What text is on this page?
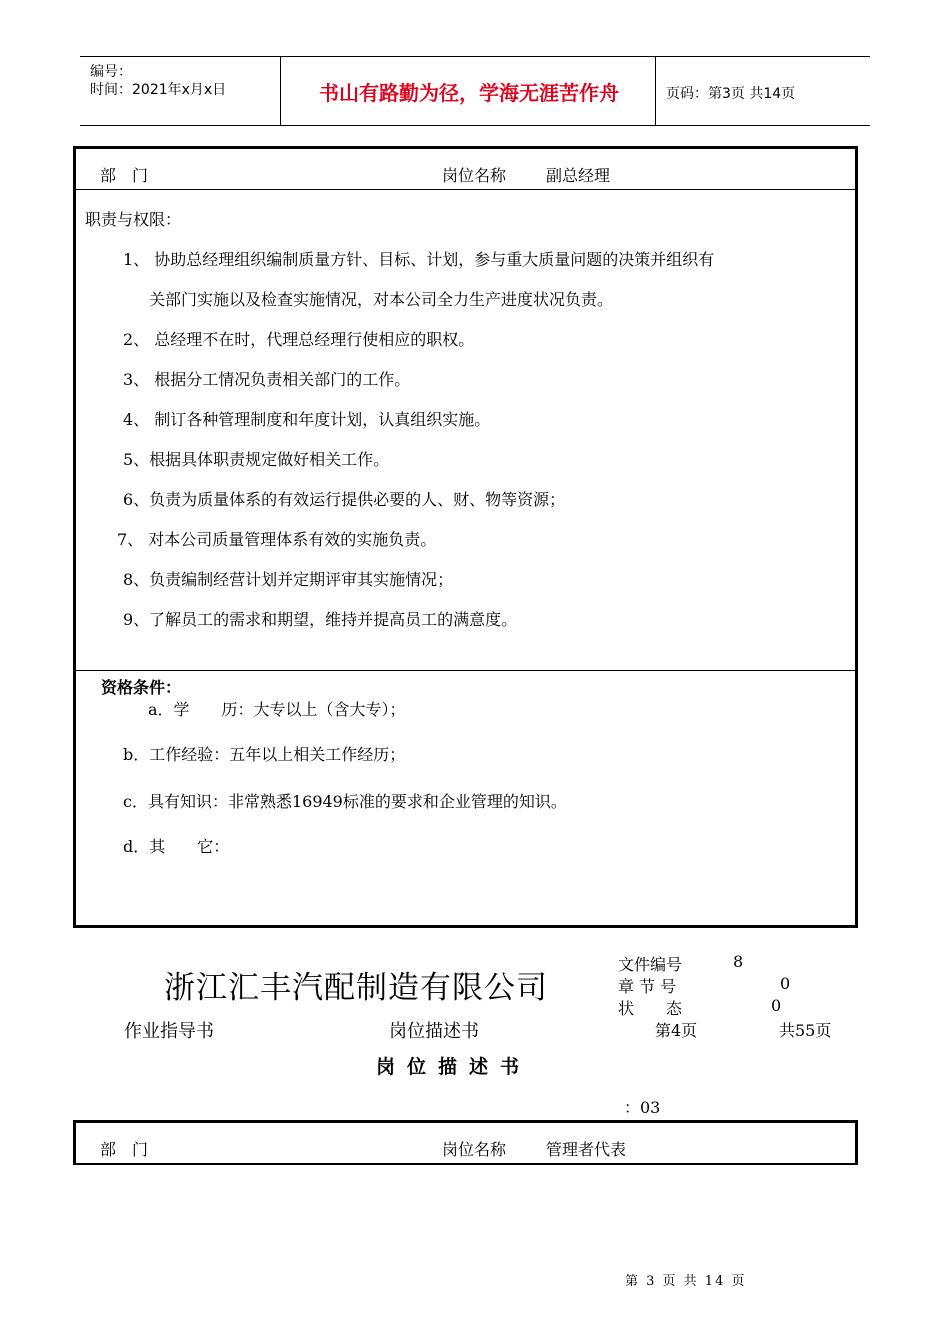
编号：
时间：2021年x月x日	书山有路勤为径，学海无涯苦作舟	页码：第3页 共14页
部　门	岗位名称 副总经理
职责与权限：
1、 协助总经理组织编制质量方针、目标、计划，参与重大质量问题的决策并组织有
关部门实施以及检查实施情况，对本公司全力生产进度状况负责。
2、 总经理不在时，代理总经理行使相应的职权。
3、 根据分工情况负责相关部门的工作。
4、 制订各种管理制度和年度计划，认真组织实施。
5、根据具体职责规定做好相关工作。
6、负责为质量体系的有效运行提供必要的人、财、物等资源；
7、 对本公司质量管理体系有效的实施负责。
8、负责编制经营计划并定期评审其实施情况；
9、了解员工的需求和期望，维持并提高员工的满意度。
资格条件：
a．学　　历：大专以上（含大专）；
b．工作经验：五年以上相关工作经历；
c．具有知识：非常熟悉16949标准的要求和企业管理的知识。
d．其　　它：
浙江汇丰汽配制造有限公司
文件编号	8
章 节 号	0
状　　态	0
作业指导书	岗位描述书	第4页	共55页
岗位描述书
：03
部　门	岗位名称 管理者代表
第 3 页 共 14 页
